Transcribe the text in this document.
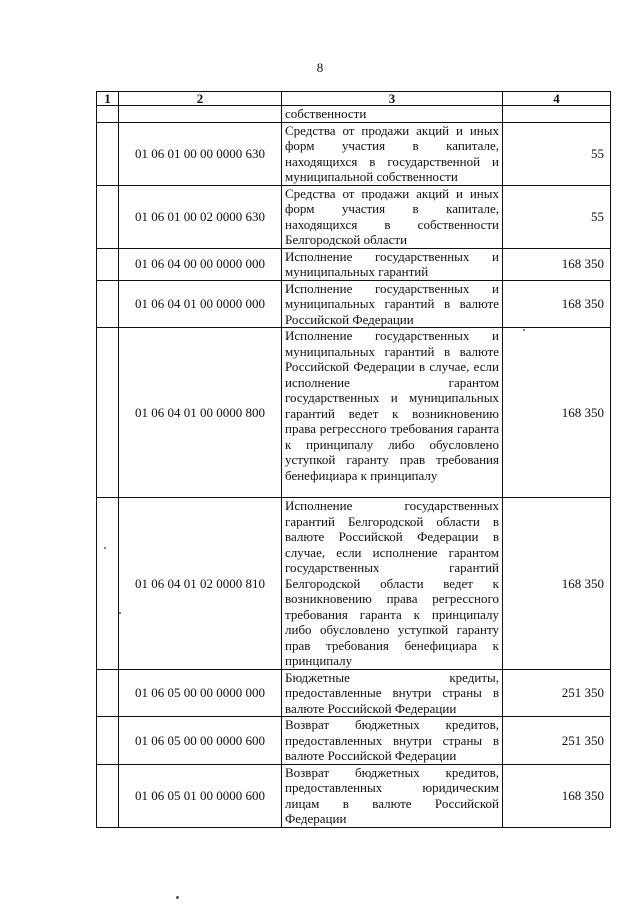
8
1	2	3	4
		собственности	
	01 06 01 00 00 0000 630	Средства от продажи акций и иных форм участия в капитале, находящихся в государственной и муниципальной собственности	55
	01 06 01 00 02 0000 630	Средства от продажи акций и иных форм участия в капитале, находящихся в собственности Белгородской области	55
	01 06 04 00 00 0000 000	Исполнение государственных и муниципальных гарантий	168 350
	01 06 04 01 00 0000 000	Исполнение государственных и муниципальных гарантий в валюте Российской Федерации	168 350
	01 06 04 01 00 0000 800	Исполнение государственных и муниципальных гарантий в валюте Российской Федерации в случае, если исполнение гарантом государственных и муниципальных гарантий ведет к возникновению права регрессного требования гаранта к принципалу либо обусловлено уступкой гаранту прав требования бенефициара к принципалу	168 350
	01 06 04 01 02 0000 810	Исполнение государственных гарантий Белгородской области в валюте Российской Федерации в случае, если исполнение гарантом государственных гарантий Белгородской области ведет к возникновению права регрессного требования гаранта к принципалу либо обусловлено уступкой гаранту прав требования бенефициара к принципалу	168 350
	01 06 05 00 00 0000 000	Бюджетные кредиты, предоставленные внутри страны в валюте Российской Федерации	251 350
	01 06 05 00 00 0000 600	Возврат бюджетных кредитов, предоставленных внутри страны в валюте Российской Федерации	251 350
	01 06 05 01 00 0000 600	Возврат бюджетных кредитов, предоставленных юридическим лицам в валюте Российской Федерации	168 350
